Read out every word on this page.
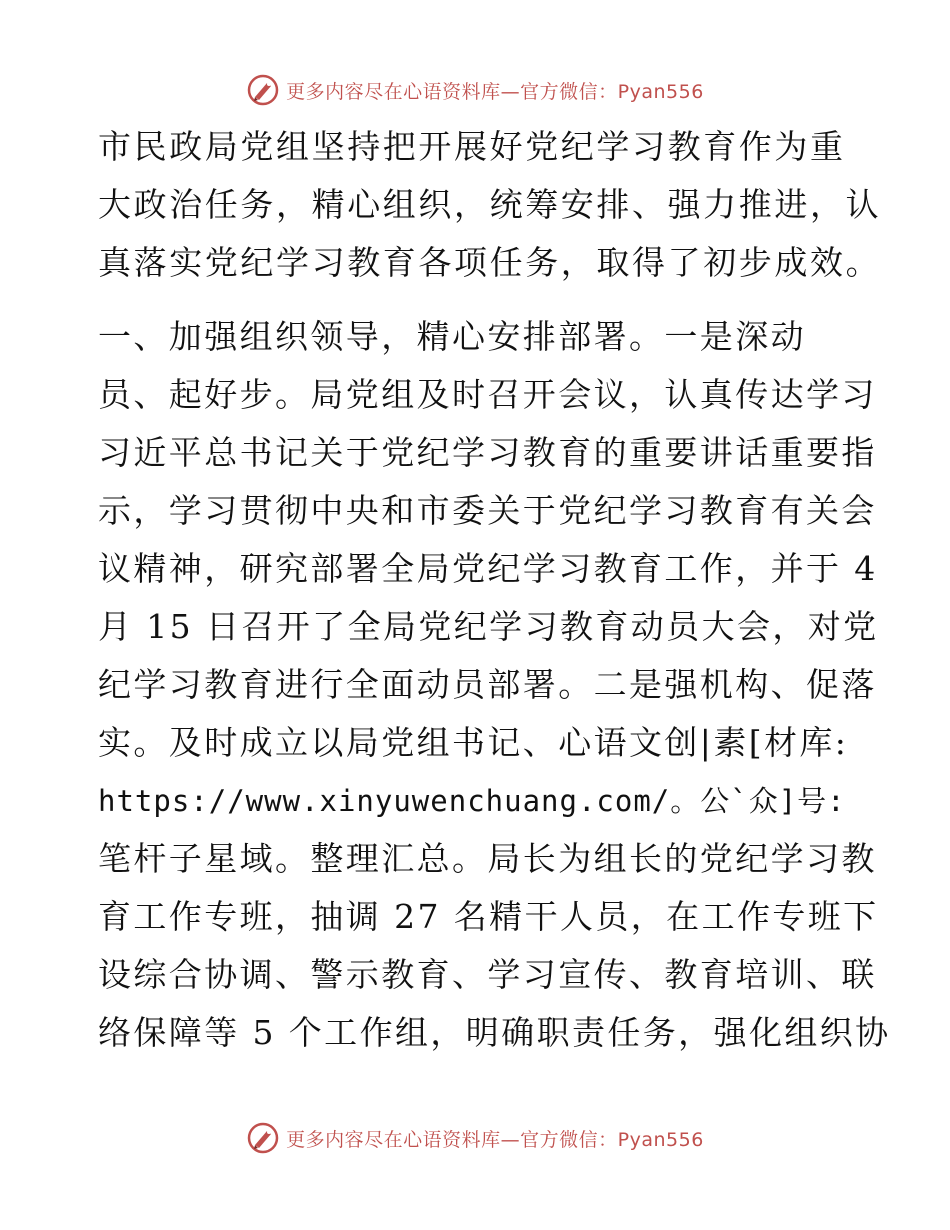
更多内容尽在心语资料库—官方微信：Pyan556

市民政局党组坚持把开展好党纪学习教育作为重
大政治任务，精心组织，统筹安排、强力推进，认
真落实党纪学习教育各项任务，取得了初步成效。

一、加强组织领导，精心安排部署。一是深动
员、起好步。局党组及时召开会议，认真传达学习
习近平总书记关于党纪学习教育的重要讲话重要指
示，学习贯彻中央和市委关于党纪学习教育有关会
议精神，研究部署全局党纪学习教育工作，并于 4
月 15 日召开了全局党纪学习教育动员大会，对党
纪学习教育进行全面动员部署。二是强机构、促落
实。及时成立以局党组书记、心语文创|素[材库:
https://www.xinyuwenchuang.com/。公`众]号:
笔杆子星域。整理汇总。局长为组长的党纪学习教
育工作专班，抽调 27 名精干人员，在工作专班下
设综合协调、警示教育、学习宣传、教育培训、联
络保障等 5 个工作组，明确职责任务，强化组织协

更多内容尽在心语资料库—官方微信：Pyan556
